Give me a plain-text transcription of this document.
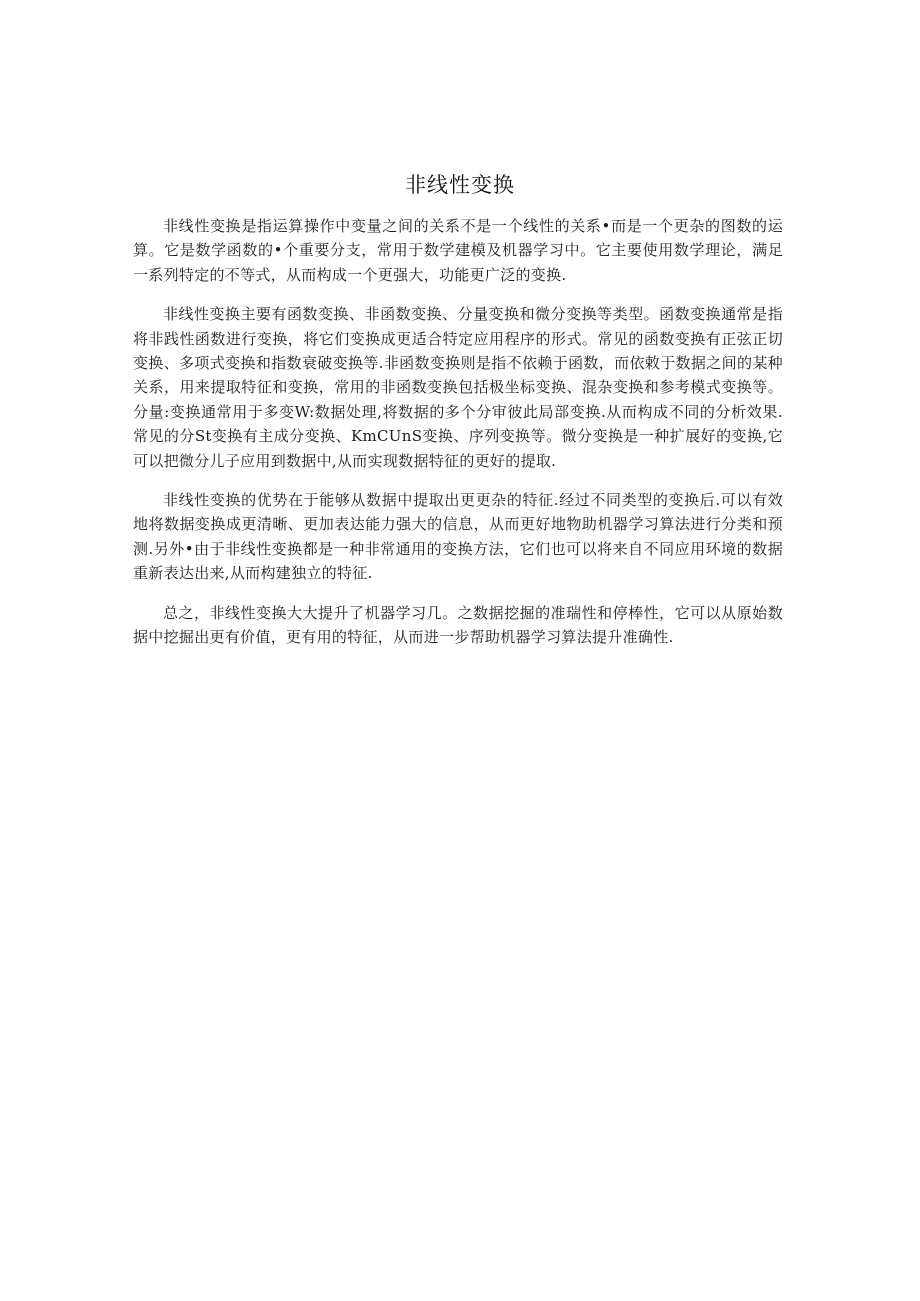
非线性变换

非线性变换是指运算操作中变量之间的关系不是一个线性的关系•而是一个更杂的图数的运算。它是数学函数的•个重要分支，常用于数学建模及机器学习中。它主要使用数学理论，满足一系列特定的不等式，从而构成一个更强大，功能更广泛的变换.

非线性变换主要有函数变换、非函数变换、分量变换和微分变换等类型。函数变换通常是指将非践性函数进行变换，将它们变换成更适合特定应用程序的形式。常见的函数变换有正弦正切变换、多项式变换和指数衰破变换等.非函数变换则是指不依赖于函数，而依敕于数据之间的某种关系，用来提取特征和变换，常用的非函数变换包括极坐标变换、混杂变换和参考模式变换等。分量:变换通常用于多变W:数据处理,将数据的多个分审彼此局部变换.从而构成不同的分析效果.常见的分St变换有主成分变换、KmCUnS变换、序列变换等。微分变换是一种扩展好的变换,它可以把微分儿子应用到数据中,从而实现数据特征的更好的提取.

非线性变换的优势在于能够从数据中提取出更更杂的特征.经过不同类型的变换后.可以有效地将数据变换成更清晰、更加表达能力强大的信息，从而更好地物助机器学习算法进行分类和预测.另外•由于非线性变换都是一种非常通用的变换方法，它们也可以将来自不同应用环境的数据重新表达出来,从而构建独立的特征.

总之，非线性变换大大提升了机器学习几。之数据挖掘的准瑞性和停棒性，它可以从原始数据中挖掘出更有价值，更有用的特征，从而进一步帮助机器学习算法提升准确性.
